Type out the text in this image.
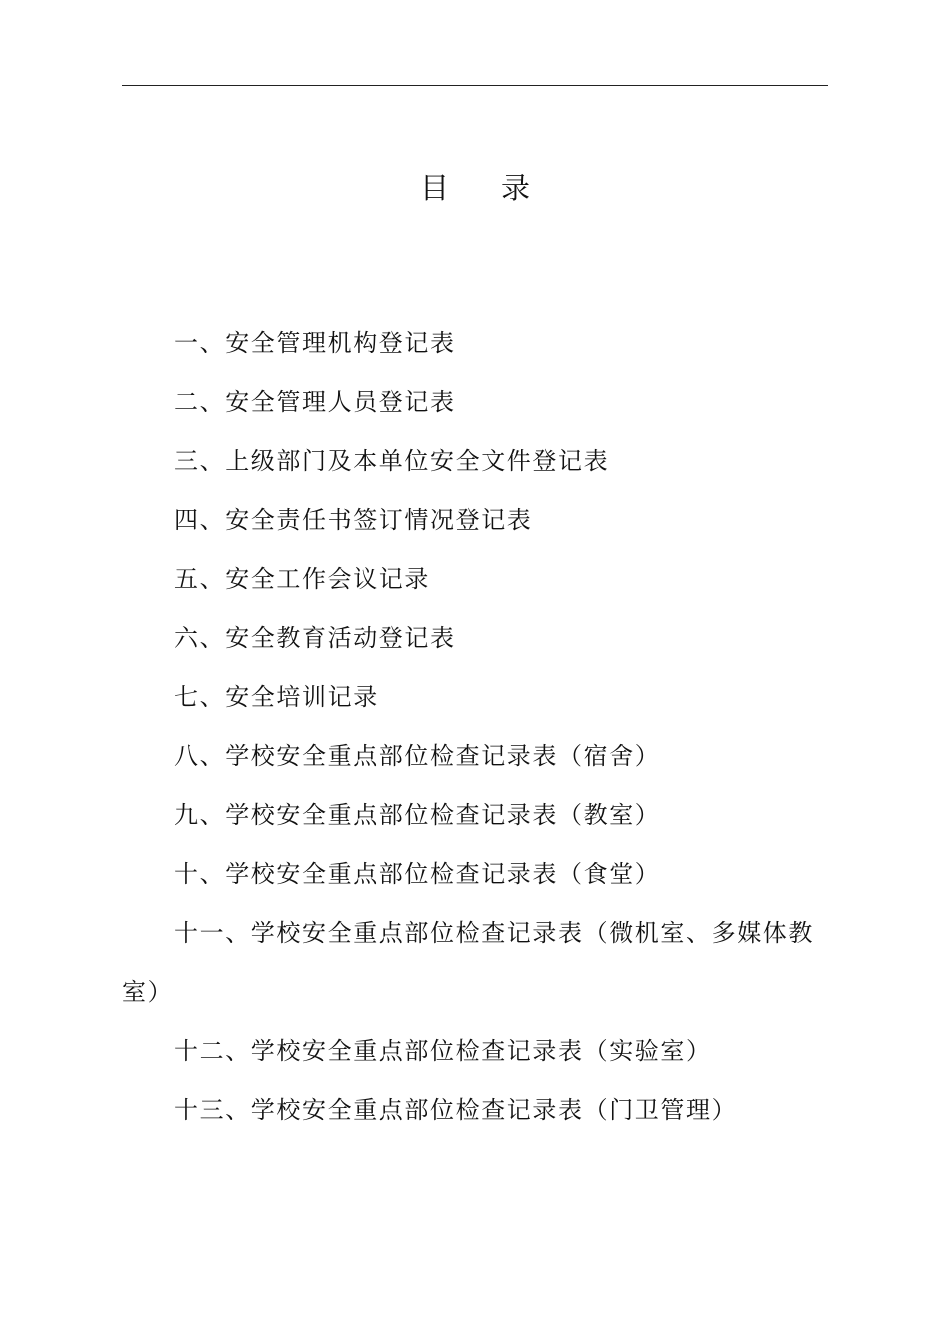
目录
一、安全管理机构登记表
二、安全管理人员登记表
三、上级部门及本单位安全文件登记表
四、安全责任书签订情况登记表
五、安全工作会议记录
六、安全教育活动登记表
七、安全培训记录
八、学校安全重点部位检查记录表（宿舍）
九、学校安全重点部位检查记录表（教室）
十、学校安全重点部位检查记录表（食堂）
十一、学校安全重点部位检查记录表（微机室、多媒体教室）
十二、学校安全重点部位检查记录表（实验室）
十三、学校安全重点部位检查记录表（门卫管理）
